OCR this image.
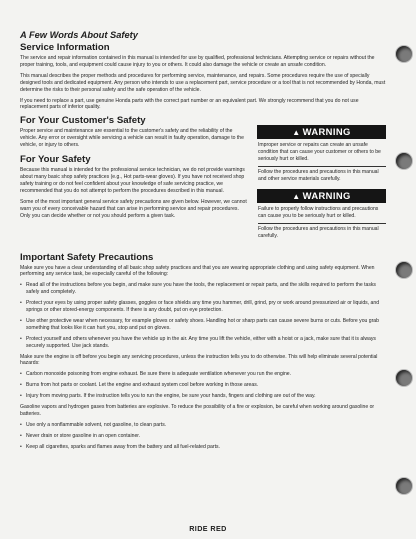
A Few Words About Safety
Service Information

The service and repair information contained in this manual is intended for use by qualified, professional technicians. Attempting service or repairs without the proper training, tools, and equipment could cause injury to you or others. It could also damage the vehicle or create an unsafe condition.

This manual describes the proper methods and procedures for performing service, maintenance, and repairs. Some procedures require the use of specially designed tools and dedicated equipment. Any person who intends to use a replacement part, service procedure or a tool that is not recommended by Honda, must determine the risks to their personal safety and the safe operation of the vehicle.

If you need to replace a part, use genuine Honda parts with the correct part number or an equivalent part. We strongly recommend that you do not use replacement parts of inferior quality.

For Your Customer's Safety

Proper service and maintenance are essential to the customer's safety and the reliability of the vehicle. Any error or oversight while servicing a vehicle can result in faulty operation, damage to the vehicle, or injury to others.

For Your Safety

Because this manual is intended for the professional service technician, we do not provide warnings about many basic shop safety practices (e.g., Hot parts-wear gloves). If you have not received shop safety training or do not feel confident about your knowledge of safe servicing practice, we recommended that you do not attempt to perform the procedures described in this manual.

Some of the most important general service safety precautions are given below. However, we cannot warn you of every conceivable hazard that can arise in performing service and repair procedures. Only you can decide whether or not you should perform a given task.

▲ WARNING

Improper service or repairs can create an unsafe condition that can cause your customer or others to be seriously hurt or killed.

Follow the procedures and precautions in this manual and other service materials carefully.

▲ WARNING

Failure to properly follow instructions and precautions can cause you to be seriously hurt or killed.

Follow the procedures and precautions in this manual carefully.

Important Safety Precautions

Make sure you have a clear understanding of all basic shop safety practices and that you are wearing appropriate clothing and using safety equipment. When performing any service task, be especially careful of the following:

• Read all of the instructions before you begin, and make sure you have the tools, the replacement or repair parts, and the skills required to perform the tasks safely and completely.
• Protect your eyes by using proper safety glasses, goggles or face shields any time you hammer, drill, grind, pry or work around pressurized air or liquids, and springs or other stored-energy components. If there is any doubt, put on eye protection.
• Use other protective wear when necessary, for example gloves or safety shoes. Handling hot or sharp parts can cause severe burns or cuts. Before you grab something that looks like it can hurt you, stop and put on gloves.
• Protect yourself and others whenever you have the vehicle up in the air. Any time you lift the vehicle, either with a hoist or a jack, make sure that it is always securely supported. Use jack stands.

Make sure the engine is off before you begin any servicing procedures, unless the instruction tells you to do otherwise. This will help eliminate several potential hazards:

• Carbon monoxide poisoning from engine exhaust. Be sure there is adequate ventilation whenever you run the engine.
• Burns from hot parts or coolant. Let the engine and exhaust system cool before working in those areas.
• Injury from moving parts. If the instruction tells you to run the engine, be sure your hands, fingers and clothing are out of the way.

Gasoline vapors and hydrogen gases from batteries are explosive. To reduce the possibility of a fire or explosion, be careful when working around gasoline or batteries.

• Use only a nonflammable solvent, not gasoline, to clean parts.
• Never drain or store gasoline in an open container.
• Keep all cigarettes, sparks and flames away from the battery and all fuel-related parts.
RIDE RED
